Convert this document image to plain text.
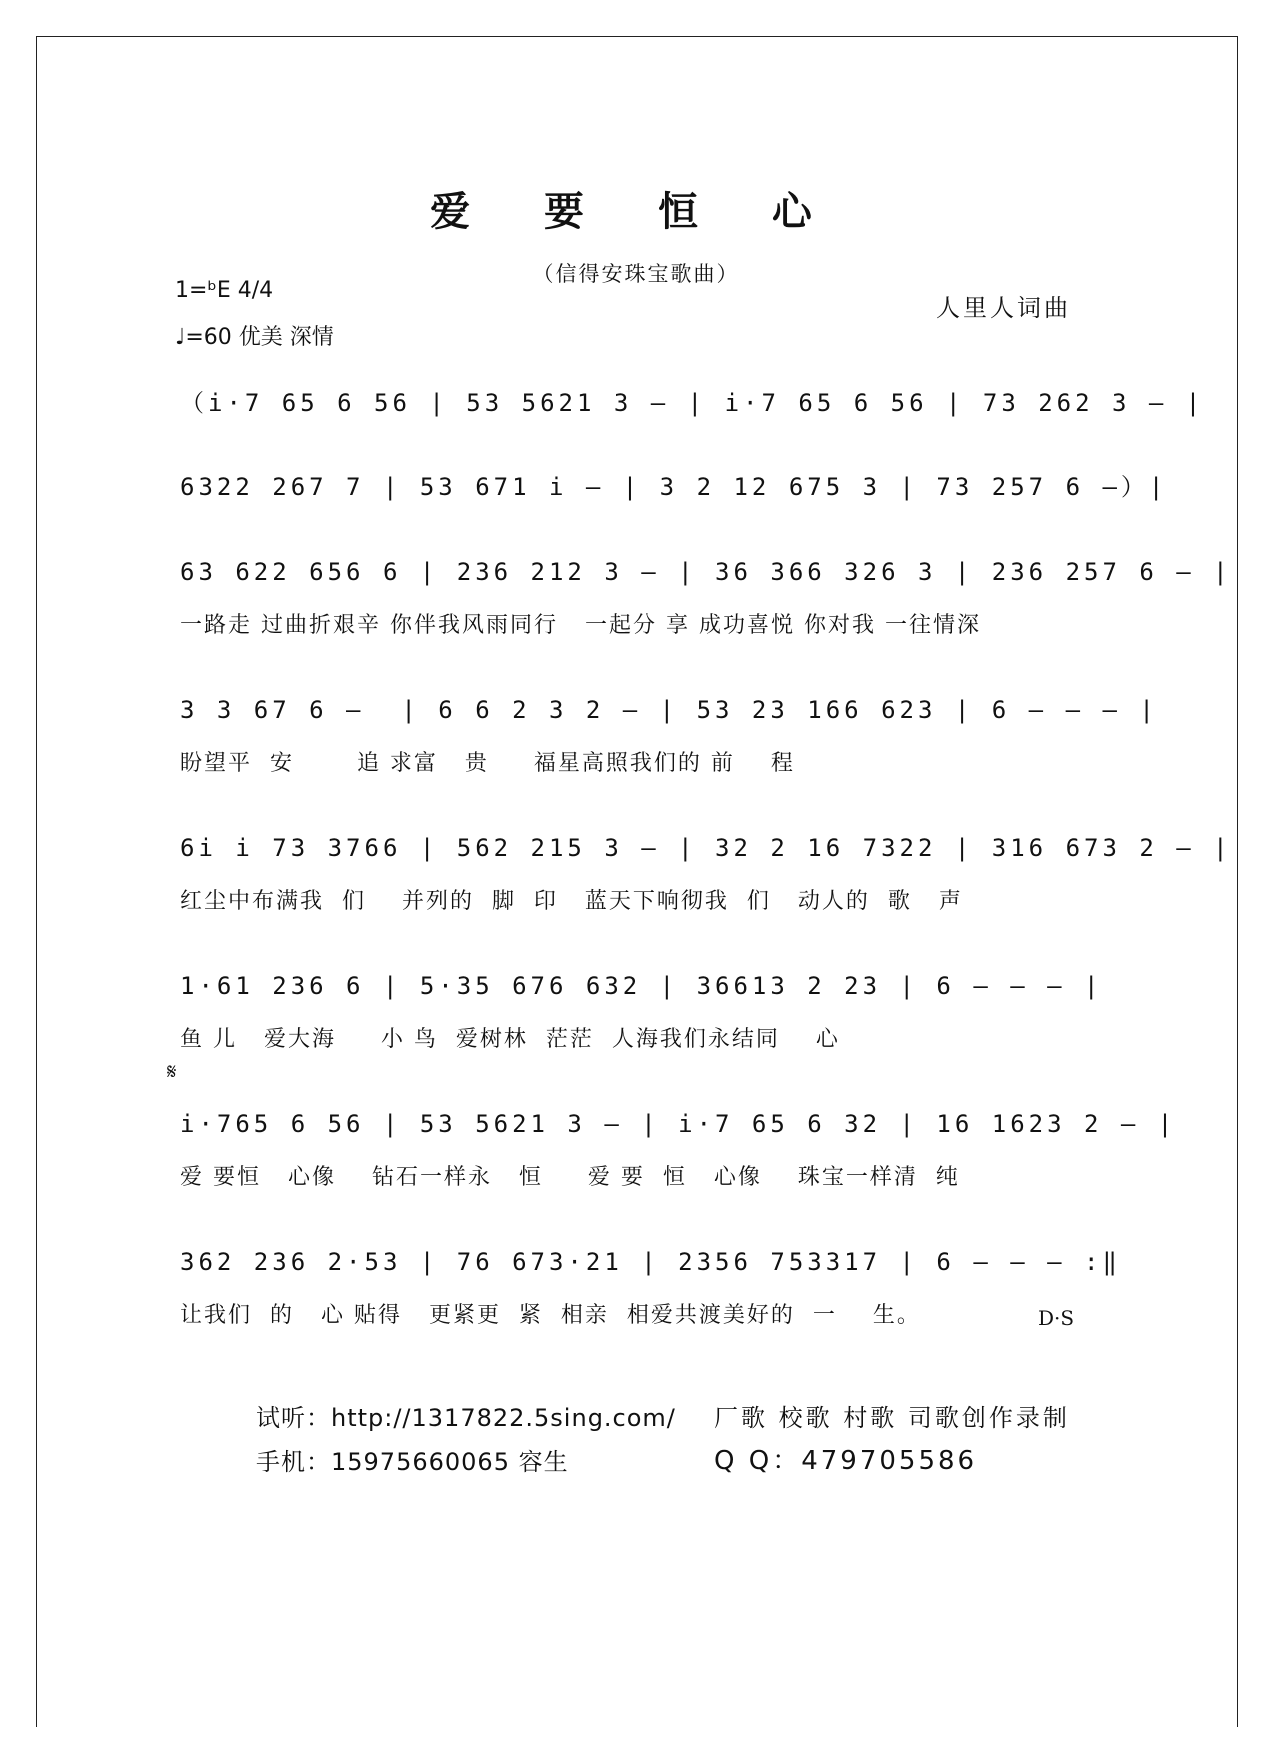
爱 要 恒 心
（信得安珠宝歌曲）
1=ᵇE 4/4
♩=60 优美 深情
人里人词曲
（i·7 65 6 56 | 53 5621 3 – | i·7 65 6 56 | 73 262 3 – |
6322 267 7 | 53 671 i – | 3 2 12 675 3 | 73 257 6 –）|
63 622 656 6 | 236 212 3 – | 36 366 326 3 | 236 257 6 – |
一路走 过曲折艰辛 你伴我风雨同行   一起分 享 成功喜悦 你对我 一往情深
3 3 67 6 –  | 6 6 2 3 2 – | 53 23 166 623 | 6 – – – |
盼望平  安       追 求富   贵     福星高照我们的 前    程
6i i 73 3766 | 562 215 3 – | 32 2 16 7322 | 316 673 2 – |
红尘中布满我  们    并列的  脚  印   蓝天下响彻我  们   动人的  歌   声
1·61 236 6 | 5·35 676 632 | 36613 2 23 | 6 – – – |
鱼 儿   爱大海     小 鸟  爱树林  茫茫  人海我们永结同    心
𝄋
i·765 6 56 | 53 5621 3 – | i·7 65 6 32 | 16 1623 2 – |
爱 要恒   心像    钻石一样永   恒     爱 要  恒   心像    珠宝一样清  纯
362 236 2·53 | 76 673·21 | 2356 753317 | 6 – – – :‖
让我们  的   心 贴得   更紧更  紧  相亲  相爱共渡美好的  一    生。	D·S
试听：http://1317822.5sing.com/ 厂歌 校歌 村歌 司歌创作录制
手机：15975660065 容生	Q Q：479705586
